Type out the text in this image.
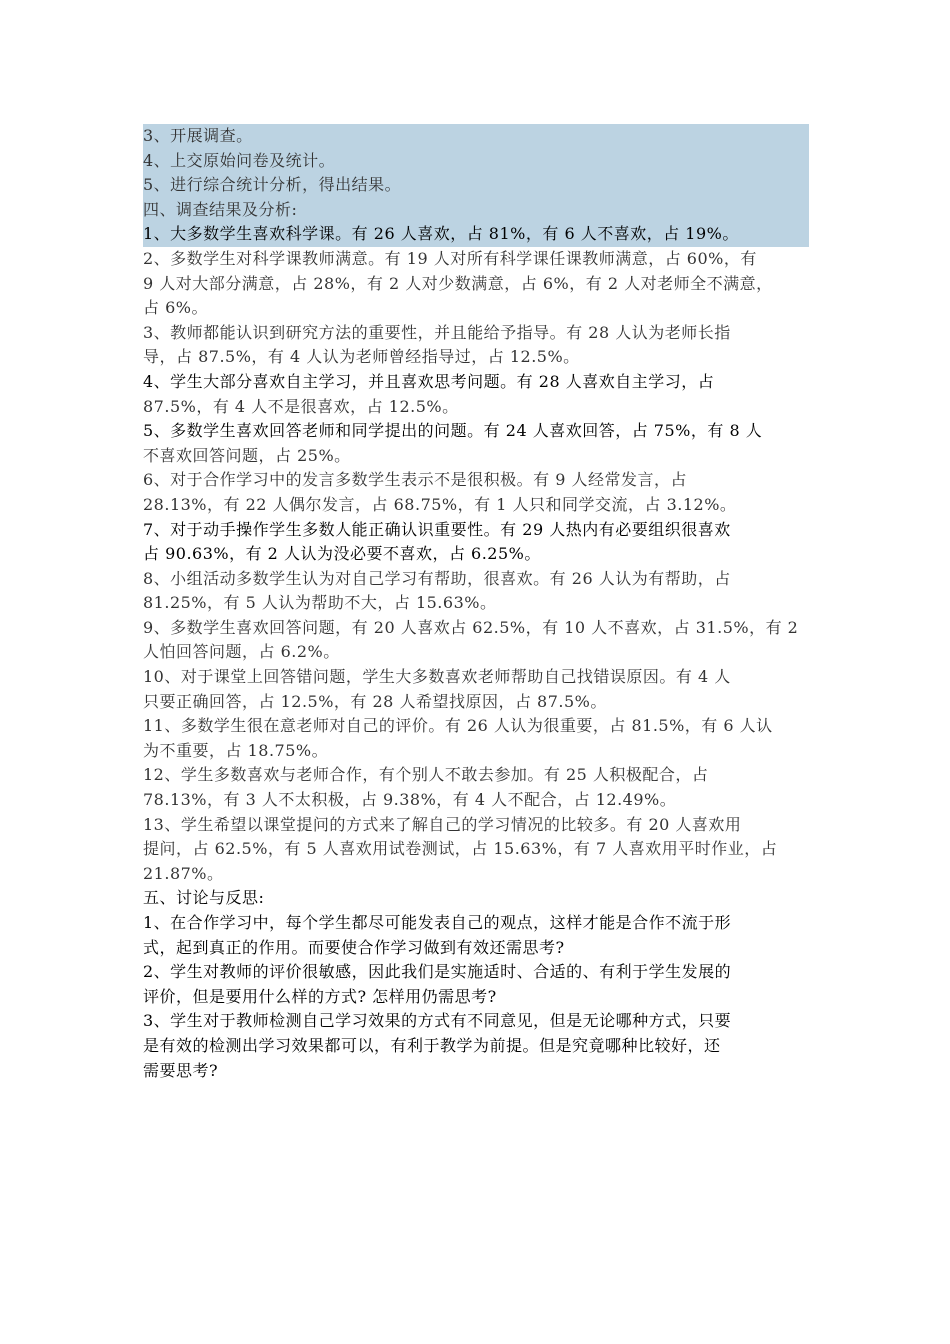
3、开展调查。
4、上交原始问卷及统计。
5、进行综合统计分析，得出结果。
四、调查结果及分析:
1、大多数学生喜欢科学课。有 26 人喜欢，占 81%，有 6 人不喜欢，占 19%。
2、多数学生对科学课教师满意。有 19 人对所有科学课任课教师满意，占 60%，有
9 人对大部分满意，占 28%，有 2 人对少数满意，占 6%，有 2 人对老师全不满意，
占 6%。
3、教师都能认识到研究方法的重要性，并且能给予指导。有 28 人认为老师长指
导，占 87.5%，有 4 人认为老师曾经指导过，占 12.5%。
4、学生大部分喜欢自主学习，并且喜欢思考问题。有 28 人喜欢自主学习，占
87.5%，有 4 人不是很喜欢，占 12.5%。
5、多数学生喜欢回答老师和同学提出的问题。有 24 人喜欢回答，占 75%，有 8 人
不喜欢回答问题，占 25%。
6、对于合作学习中的发言多数学生表示不是很积极。有 9 人经常发言，占
28.13%，有 22 人偶尔发言，占 68.75%，有 1 人只和同学交流，占 3.12%。
7、对于动手操作学生多数人能正确认识重要性。有 29 人热内有必要组织很喜欢
占 90.63%，有 2 人认为没必要不喜欢，占 6.25%。
8、小组活动多数学生认为对自己学习有帮助，很喜欢。有 26 人认为有帮助，占
81.25%，有 5 人认为帮助不大，占 15.63%。
9、多数学生喜欢回答问题，有 20 人喜欢占 62.5%，有 10 人不喜欢，占 31.5%，有 2
人怕回答问题，占 6.2%。
10、对于课堂上回答错问题，学生大多数喜欢老师帮助自己找错误原因。有 4 人
只要正确回答，占 12.5%，有 28 人希望找原因，占 87.5%。
11、多数学生很在意老师对自己的评价。有 26 人认为很重要，占 81.5%，有 6 人认
为不重要，占 18.75%。
12、学生多数喜欢与老师合作，有个别人不敢去参加。有 25 人积极配合，占
78.13%，有 3 人不太积极，占 9.38%，有 4 人不配合，占 12.49%。
13、学生希望以课堂提问的方式来了解自己的学习情况的比较多。有 20 人喜欢用
提问，占 62.5%，有 5 人喜欢用试卷测试，占 15.63%，有 7 人喜欢用平时作业，占
21.87%。
五、讨论与反思:
1、在合作学习中，每个学生都尽可能发表自己的观点，这样才能是合作不流于形
式，起到真正的作用。而要使合作学习做到有效还需思考?
2、学生对教师的评价很敏感，因此我们是实施适时、合适的、有利于学生发展的
评价，但是要用什么样的方式? 怎样用仍需思考?
3、学生对于教师检测自己学习效果的方式有不同意见，但是无论哪种方式，只要
是有效的检测出学习效果都可以，有利于教学为前提。但是究竟哪种比较好，还
需要思考?
